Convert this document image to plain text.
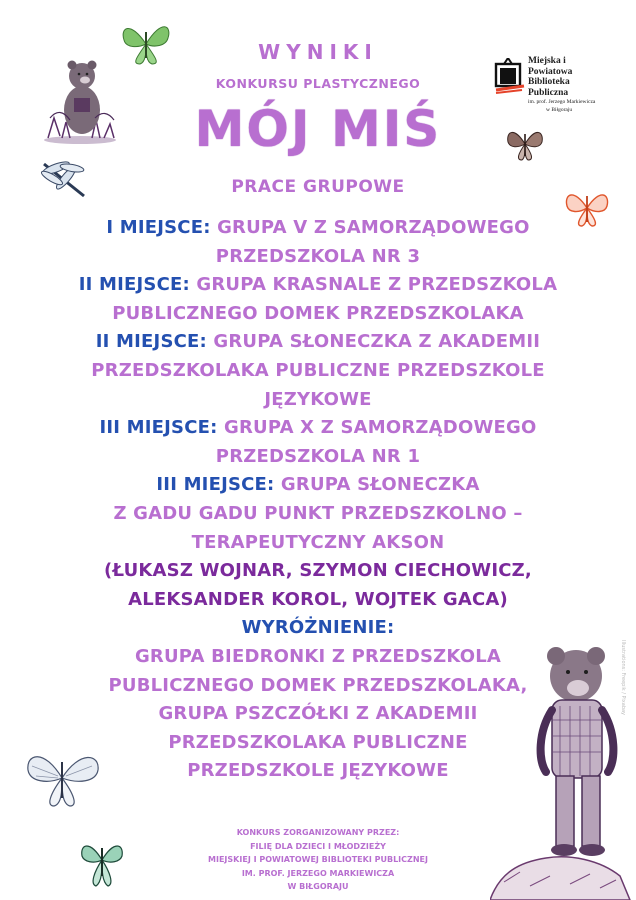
Miejska i Powiatowa
Biblioteka Publiczna
im. prof. Jerzego Markiewicza
w Biłgoraju
WYNIKI
KONKURSU PLASTYCZNEGO
MÓJ MIŚ
PRACE GRUPOWE
I MIEJSCE: GRUPA V Z SAMORZĄDOWEGO
PRZEDSZKOLA NR 3
II MIEJSCE: GRUPA KRASNALE Z PRZEDSZKOLA
PUBLICZNEGO DOMEK PRZEDSZKOLAKA
II MIEJSCE: GRUPA SŁONECZKA Z AKADEMII
PRZEDSZKOLAKA PUBLICZNE PRZEDSZKOLE
JĘZYKOWE
III MIEJSCE: GRUPA X Z SAMORZĄDOWEGO
PRZEDSZKOLA NR 1
III MIEJSCE: GRUPA SŁONECZKA
Z GADU GADU PUNKT PRZEDSZKOLNO –
TERAPEUTYCZNY AKSON
(ŁUKASZ WOJNAR, SZYMON CIECHOWICZ,
ALEKSANDER KOROL, WOJTEK GACA)
WYRÓŻNIENIE:
GRUPA BIEDRONKI Z PRZEDSZKOLA
PUBLICZNEGO DOMEK PRZEDSZKOLAKA,
GRUPA PSZCZÓŁKI Z AKADEMII
PRZEDSZKOLAKA PUBLICZNE
PRZEDSZKOLE JĘZYKOWE
KONKURS ZORGANIZOWANY PRZEZ:
FILIĘ DLA DZIECI I MŁODZIEŻY
MIEJSKIEJ I POWIATOWEJ BIBLIOTEKI PUBLICZNEJ
IM. PROF. JERZEGO MARKIEWICZA
W BIŁGORAJU
Illustrations: Freepik / Pixabay
